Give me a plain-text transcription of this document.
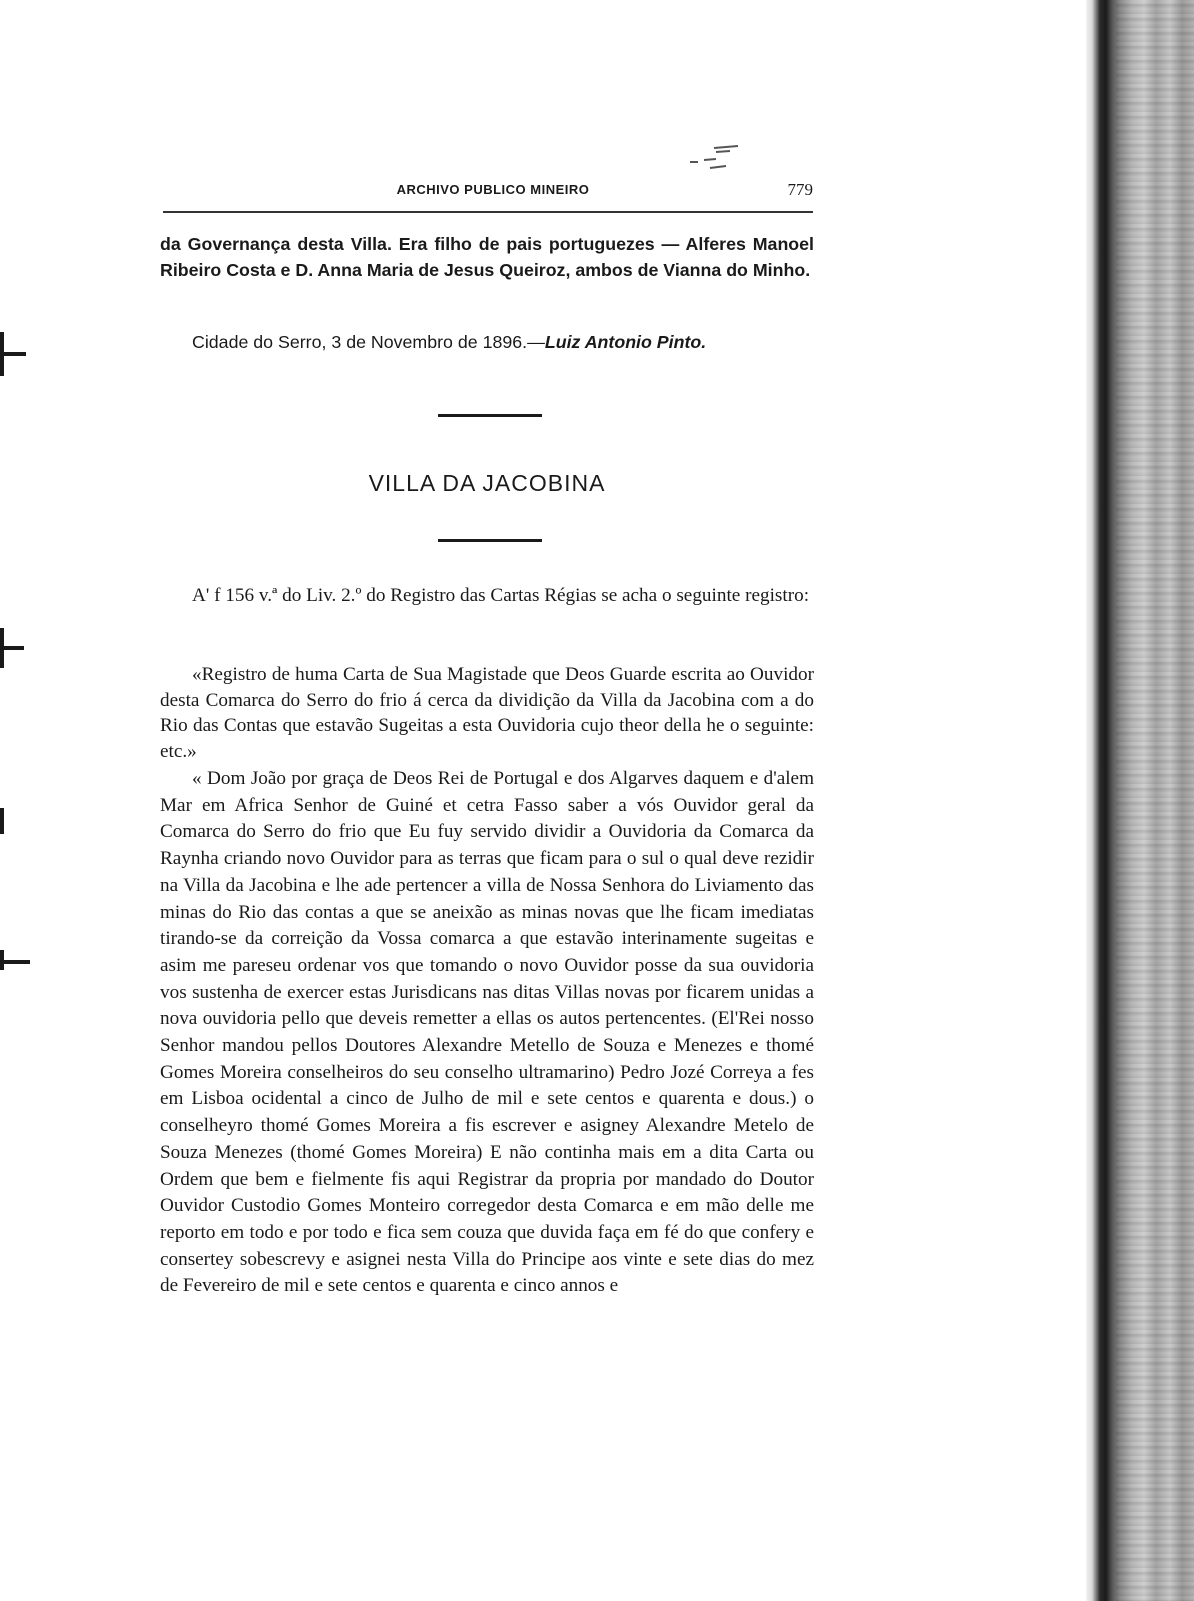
ARCHIVO PUBLICO MINEIRO	779
da Governança desta Villa. Era filho de pais portuguezes — Alferes Manoel Ribeiro Costa e D. Anna Maria de Jesus Queiroz, ambos de Vianna do Minho.
Cidade do Serro, 3 de Novembro de 1896.—Luiz Antonio Pinto.
VILLA DA JACOBINA
A' f 156 v.ª do Liv. 2.º do Registro das Cartas Régias se acha o seguinte registro:
«Registro de huma Carta de Sua Magistade que Deos Guarde escrita ao Ouvidor desta Comarca do Serro do frio á cerca da dividição da Villa da Jacobina com a do Rio das Contas que estavão Sugeitas a esta Ouvidoria cujo theor della he o seguinte: etc.»
« Dom João por graça de Deos Rei de Portugal e dos Algarves daquem e d'alem Mar em Africa Senhor de Guiné et cetra Fasso saber a vós Ouvidor geral da Comarca do Serro do frio que Eu fuy servido dividir a Ouvidoria da Comarca da Raynha criando novo Ouvidor para as terras que ficam para o sul o qual deve rezidir na Villa da Jacobina e lhe ade pertencer a villa de Nossa Senhora do Liviamento das minas do Rio das contas a que se aneixão as minas novas que lhe ficam imediatas tirando-se da correição da Vossa comarca a que estavão interinamente sugeitas e asim me pareseu ordenar vos que tomando o novo Ouvidor posse da sua ouvidoria vos sustenha de exercer estas Jurisdicans nas ditas Villas novas por ficarem unidas a nova ouvidoria pello que deveis remetter a ellas os autos pertencentes. (El'Rei nosso Senhor mandou pellos Doutores Alexandre Metello de Souza e Menezes e thomé Gomes Moreira conselheiros do seu conselho ultramarino) Pedro Jozé Correya a fes em Lisboa ocidental a cinco de Julho de mil e sete centos e quarenta e dous.) o conselheyro thomé Gomes Moreira a fis escrever e asigney Alexandre Metelo de Souza Menezes (thomé Gomes Moreira) E não continha mais em a dita Carta ou Ordem que bem e fielmente fis aqui Registrar da propria por mandado do Doutor Ouvidor Custodio Gomes Monteiro corregedor desta Comarca e em mão delle me reporto em todo e por todo e fica sem couza que duvida faça em fé do que confery e consertey sobescrevy e asignei nesta Villa do Principe aos vinte e sete dias do mez de Fevereiro de mil e sete centos e quarenta e cinco annos e
